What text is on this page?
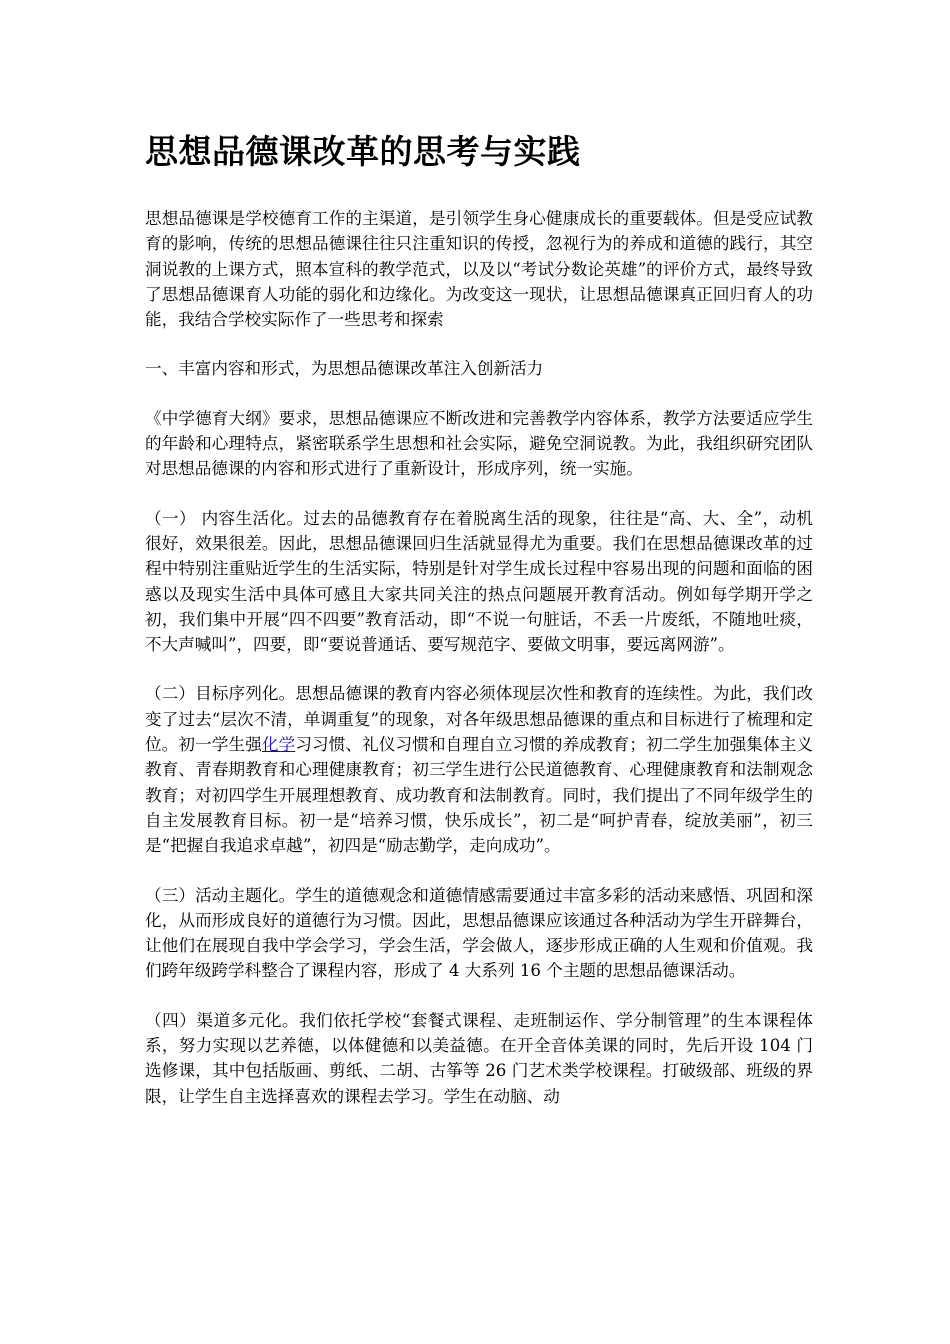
思想品德课改革的思考与实践

思想品德课是学校德育工作的主渠道，是引领学生身心健康成长的重要载体。但是受应试教育的影响，传统的思想品德课往往只注重知识的传授，忽视行为的养成和道德的践行，其空洞说教的上课方式，照本宣科的教学范式，以及以“考试分数论英雄”的评价方式，最终导致了思想品德课育人功能的弱化和边缘化。为改变这一现状，让思想品德课真正回归育人的功能，我结合学校实际作了一些思考和探索

一、丰富内容和形式，为思想品德课改革注入创新活力

《中学德育大纲》要求，思想品德课应不断改进和完善教学内容体系，教学方法要适应学生的年龄和心理特点，紧密联系学生思想和社会实际，避免空洞说教。为此，我组织研究团队对思想品德课的内容和形式进行了重新设计，形成序列，统一实施。

（一） 内容生活化。过去的品德教育存在着脱离生活的现象，往往是“高、大、全”，动机很好，效果很差。因此，思想品德课回归生活就显得尤为重要。我们在思想品德课改革的过程中特别注重贴近学生的生活实际，特别是针对学生成长过程中容易出现的问题和面临的困惑以及现实生活中具体可感且大家共同关注的热点问题展开教育活动。例如每学期开学之初，我们集中开展“四不四要”教育活动，即“不说一句脏话，不丢一片废纸，不随地吐痰，不大声喊叫”，四要，即“要说普通话、要写规范字、要做文明事，要远离网游”。

（二）目标序列化。思想品德课的教育内容必须体现层次性和教育的连续性。为此，我们改变了过去“层次不清，单调重复”的现象，对各年级思想品德课的重点和目标进行了梳理和定位。初一学生强化学习习惯、礼仪习惯和自理自立习惯的养成教育；初二学生加强集体主义教育、青春期教育和心理健康教育；初三学生进行公民道德教育、心理健康教育和法制观念教育；对初四学生开展理想教育、成功教育和法制教育。同时，我们提出了不同年级学生的自主发展教育目标。初一是“培养习惯，快乐成长”，初二是“呵护青春，绽放美丽”，初三是“把握自我追求卓越”，初四是“励志勤学，走向成功”。

（三）活动主题化。学生的道德观念和道德情感需要通过丰富多彩的活动来感悟、巩固和深化，从而形成良好的道德行为习惯。因此，思想品德课应该通过各种活动为学生开辟舞台，让他们在展现自我中学会学习，学会生活，学会做人，逐步形成正确的人生观和价值观。我们跨年级跨学科整合了课程内容，形成了 4 大系列 16 个主题的思想品德课活动。

（四）渠道多元化。我们依托学校“套餐式课程、走班制运作、学分制管理”的生本课程体系，努力实现以艺养德，以体健德和以美益德。在开全音体美课的同时，先后开设 104 门选修课，其中包括版画、剪纸、二胡、古筝等 26 门艺术类学校课程。打破级部、班级的界限，让学生自主选择喜欢的课程去学习。学生在动脑、动
